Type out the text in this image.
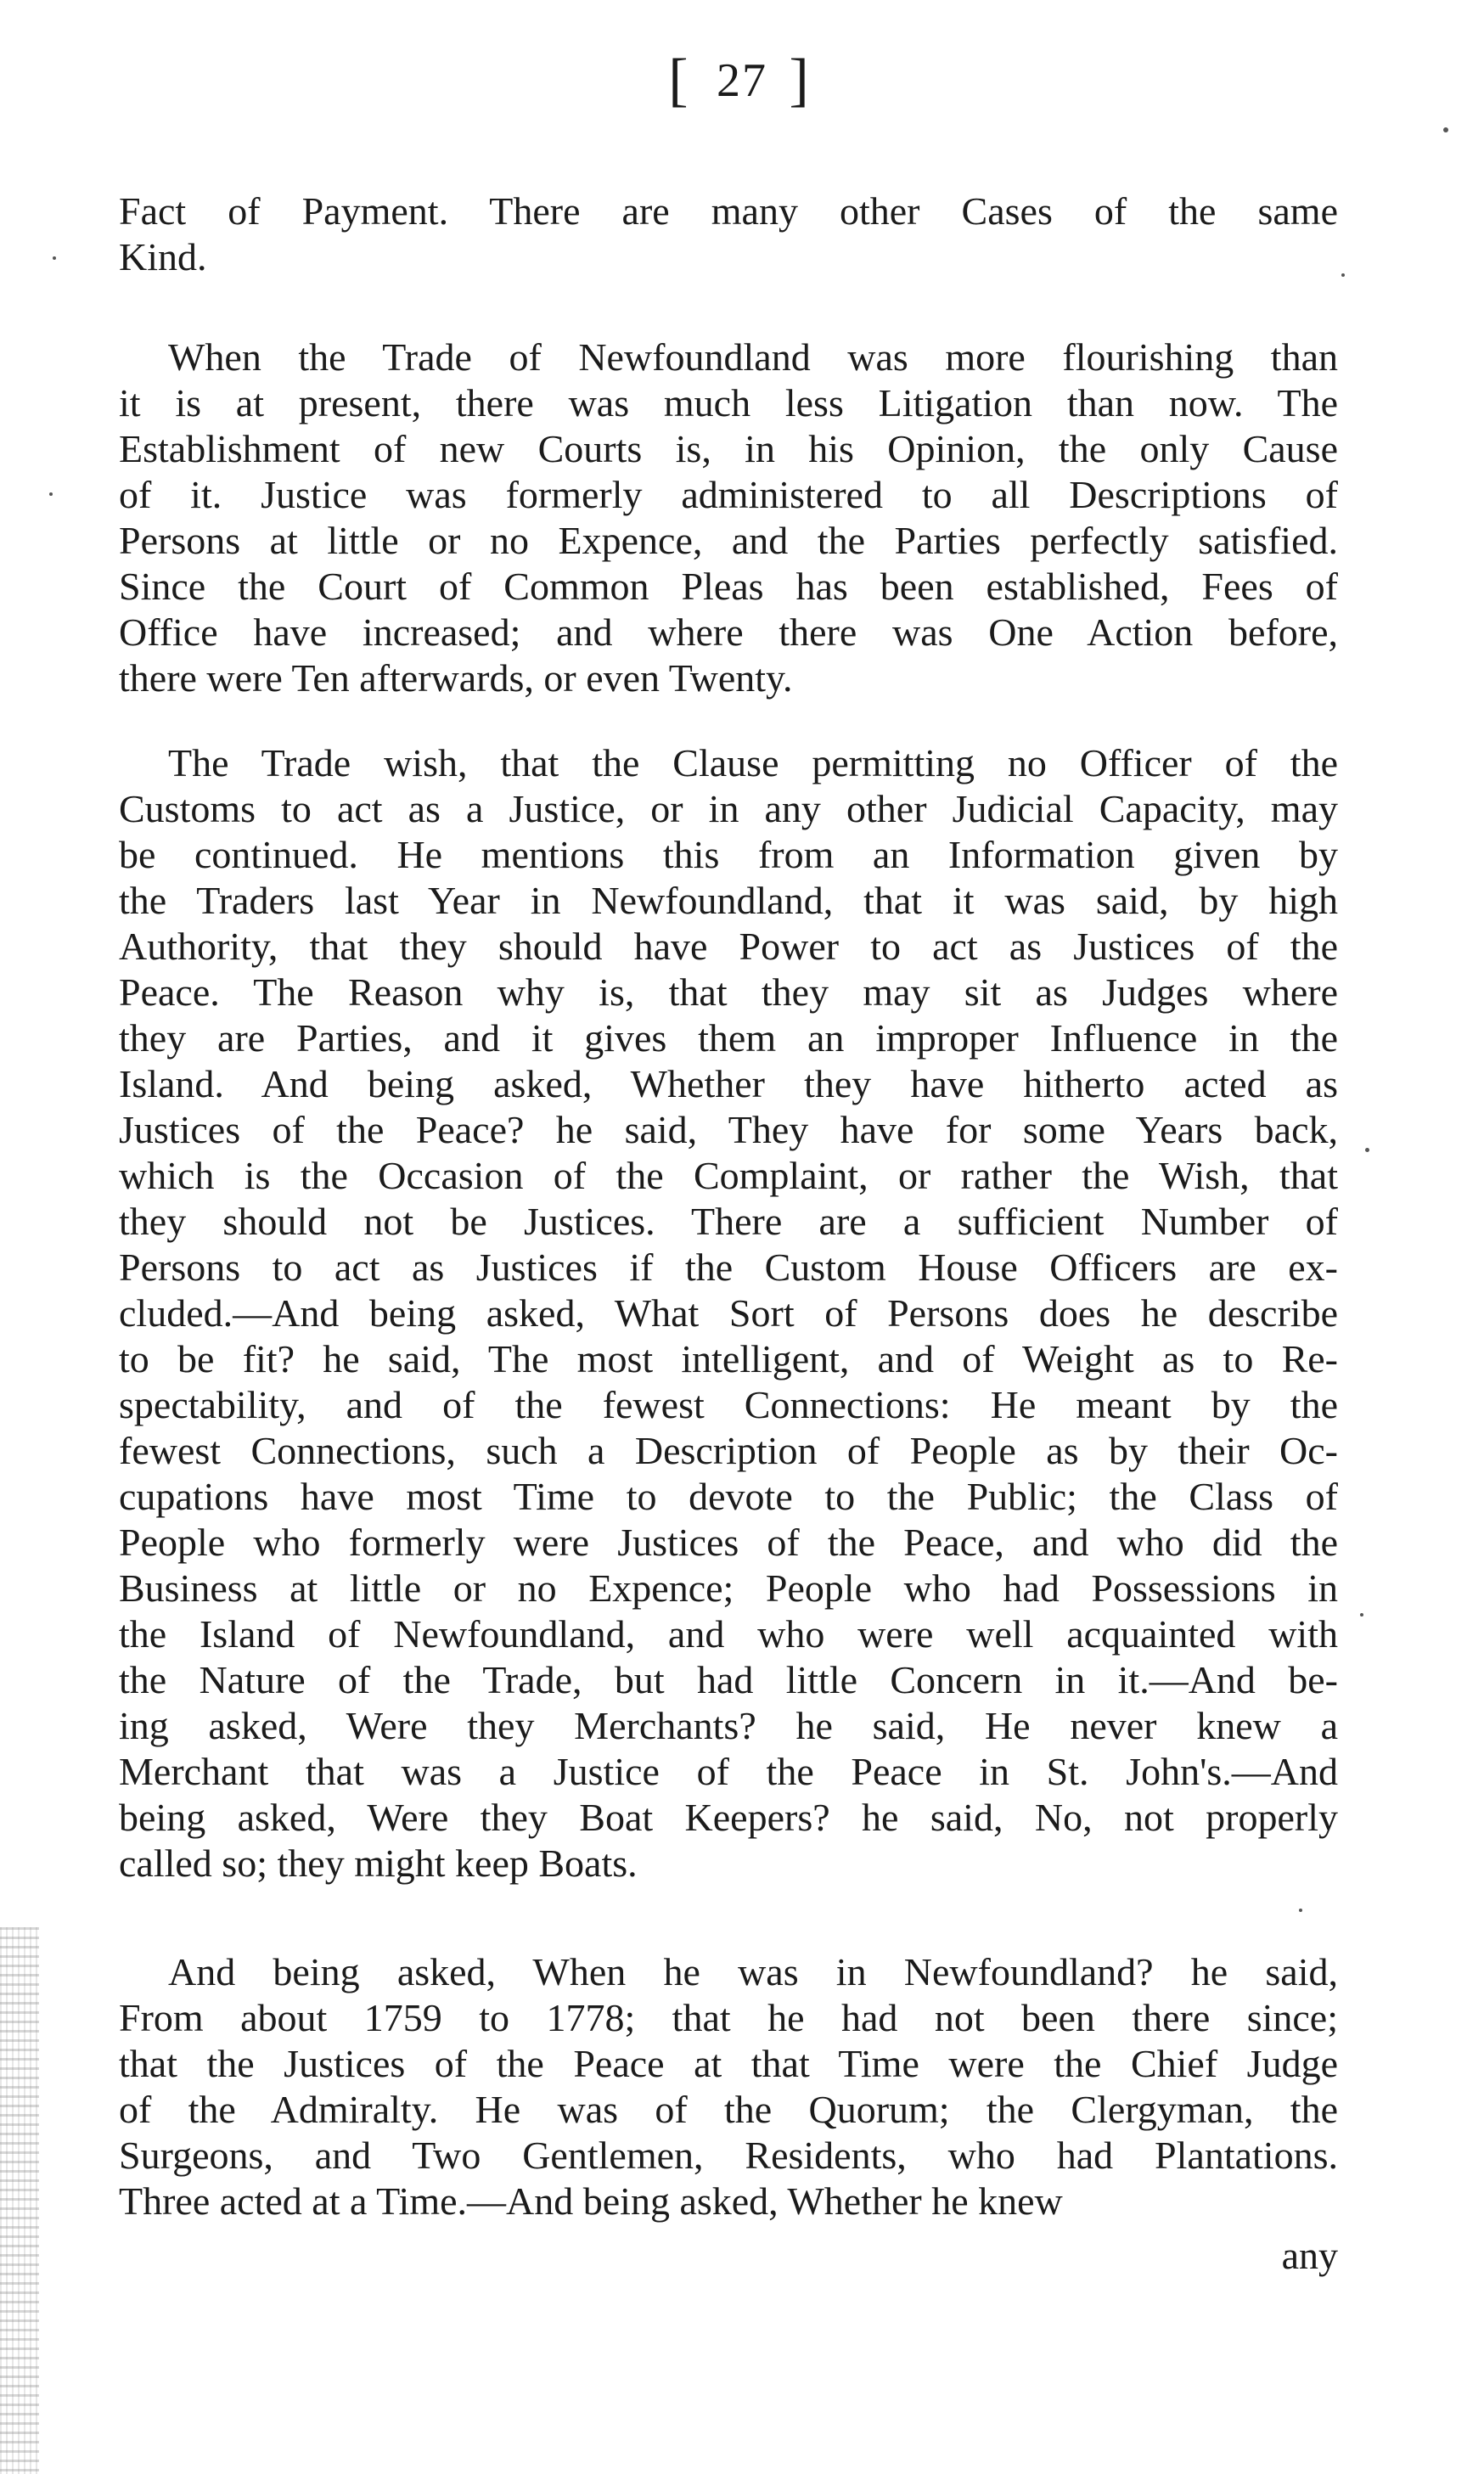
[ 27 ]
Fact of Payment. There are many other Cases of the same
Kind.
When the Trade of Newfoundland was more flourishing than
it is at present, there was much less Litigation than now. The
Establishment of new Courts is, in his Opinion, the only Cause
of it. Justice was formerly administered to all Descriptions of
Persons at little or no Expence, and the Parties perfectly satisfied.
Since the Court of Common Pleas has been established, Fees of
Office have increased; and where there was One Action before,
there were Ten afterwards, or even Twenty.
The Trade wish, that the Clause permitting no Officer of the
Customs to act as a Justice, or in any other Judicial Capacity, may
be continued. He mentions this from an Information given by
the Traders last Year in Newfoundland, that it was said, by high
Authority, that they should have Power to act as Justices of the
Peace. The Reason why is, that they may sit as Judges where
they are Parties, and it gives them an improper Influence in the
Island. And being asked, Whether they have hitherto acted as
Justices of the Peace? he said, They have for some Years back,
which is the Occasion of the Complaint, or rather the Wish, that
they should not be Justices. There are a sufficient Number of
Persons to act as Justices if the Custom House Officers are ex-
cluded.—And being asked, What Sort of Persons does he describe
to be fit? he said, The most intelligent, and of Weight as to Re-
spectability, and of the fewest Connections: He meant by the
fewest Connections, such a Description of People as by their Oc-
cupations have most Time to devote to the Public; the Class of
People who formerly were Justices of the Peace, and who did the
Business at little or no Expence; People who had Possessions in
the Island of Newfoundland, and who were well acquainted with
the Nature of the Trade, but had little Concern in it.—And be-
ing asked, Were they Merchants? he said, He never knew a
Merchant that was a Justice of the Peace in St. John's.—And
being asked, Were they Boat Keepers? he said, No, not properly
called so; they might keep Boats.
And being asked, When he was in Newfoundland? he said,
From about 1759 to 1778; that he had not been there since;
that the Justices of the Peace at that Time were the Chief Judge
of the Admiralty. He was of the Quorum; the Clergyman, the
Surgeons, and Two Gentlemen, Residents, who had Plantations.
Three acted at a Time.—And being asked, Whether he knew
any
